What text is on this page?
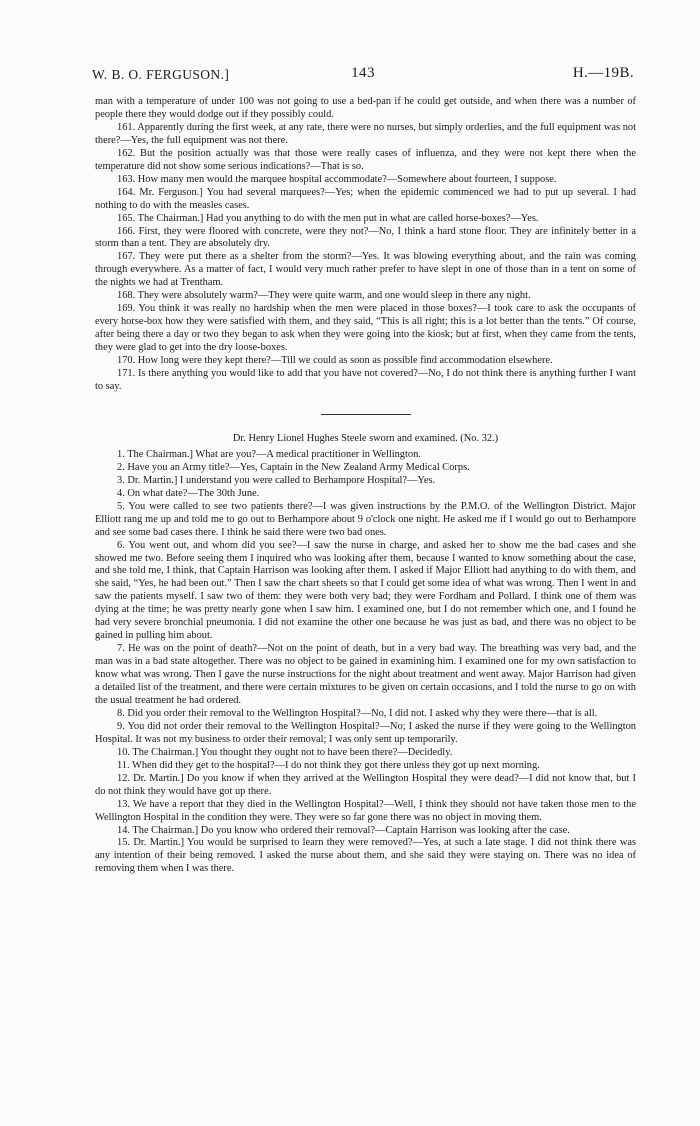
W. B. O. FERGUSON.]	143	H.—19B.

man with a temperature of under 100 was not going to use a bed-pan if he could get outside, and when there was a number of people there they would dodge out if they possibly could.

161. Apparently during the first week, at any rate, there were no nurses, but simply orderlies, and the full equipment was not there?—Yes, the full equipment was not there.

162. But the position actually was that those were really cases of influenza, and they were not kept there when the temperature did not show some serious indications?—That is so.

163. How many men would the marquee hospital accommodate?—Somewhere about fourteen, I suppose.

164. Mr. Ferguson.] You had several marquees?—Yes; when the epidemic commenced we had to put up several. I had nothing to do with the measles cases.

165. The Chairman.] Had you anything to do with the men put in what are called horse-boxes?—Yes.

166. First, they were floored with concrete, were they not?—No, I think a hard stone floor. They are infinitely better in a storm than a tent. They are absolutely dry.

167. They were put there as a shelter from the storm?—Yes. It was blowing everything about, and the rain was coming through everywhere. As a matter of fact, I would very much rather prefer to have slept in one of those than in a tent on some of the nights we had at Trentham.

168. They were absolutely warm?—They were quite warm, and one would sleep in there any night.

169. You think it was really no hardship when the men were placed in those boxes?—I took care to ask the occupants of every horse-box how they were satisfied with them, and they said, “This is all right; this is a lot better than the tents.” Of course, after being there a day or two they began to ask when they were going into the kiosk; but at first, when they came from the tents, they were glad to get into the dry loose-boxes.

170. How long were they kept there?—Till we could as soon as possible find accommodation elsewhere.

171. Is there anything you would like to add that you have not covered?—No, I do not think there is anything further I want to say.

Dr. Henry Lionel Hughes Steele sworn and examined. (No. 32.)

1. The Chairman.] What are you?—A medical practitioner in Wellington.

2. Have you an Army title?—Yes, Captain in the New Zealand Army Medical Corps.

3. Dr. Martin.] I understand you were called to Berhampore Hospital?—Yes.

4. On what date?—The 30th June.

5. You were called to see two patients there?—I was given instructions by the P.M.O. of the Wellington District. Major Elliott rang me up and told me to go out to Berhampore about 9 o'clock one night. He asked me if I would go out to Berhampore and see some bad cases there. I think he said there were two bad ones.

6. You went out, and whom did you see?—I saw the nurse in charge, and asked her to show me the bad cases and she showed me two. Before seeing them I inquired who was looking after them, because I wanted to know something about the case, and she told me, I think, that Captain Harrison was looking after them. I asked if Major Elliott had anything to do with them, and she said, “Yes, he had been out.” Then I saw the chart sheets so that I could get some idea of what was wrong. Then I went in and saw the patients myself. I saw two of them: they were both very bad; they were Fordham and Pollard. I think one of them was dying at the time; he was pretty nearly gone when I saw him. I examined one, but I do not remember which one, and I found he had very severe bronchial pneumonia. I did not examine the other one because he was just as bad, and there was no object to be gained in pulling him about.

7. He was on the point of death?—Not on the point of death, but in a very bad way. The breathing was very bad, and the man was in a bad state altogether. There was no object to be gained in examining him. I examined one for my own satisfaction to know what was wrong. Then I gave the nurse instructions for the night about treatment and went away. Major Harrison had given a detailed list of the treatment, and there were certain mixtures to be given on certain occasions, and I told the nurse to go on with the usual treatment he had ordered.

8. Did you order their removal to the Wellington Hospital?—No, I did not. I asked why they were there—that is all.

9. You did not order their removal to the Wellington Hospital?—No; I asked the nurse if they were going to the Wellington Hospital. It was not my business to order their removal; I was only sent up temporarily.

10. The Chairman.] You thought they ought not to have been there?—Decidedly.

11. When did they get to the hospital?—I do not think they got there unless they got up next morning.

12. Dr. Martin.] Do you know if when they arrived at the Wellington Hospital they were dead?—I did not know that, but I do not think they would have got up there.

13. We have a report that they died in the Wellington Hospital?—Well, I think they should not have taken those men to the Wellington Hospital in the condition they were. They were so far gone there was no object in moving them.

14. The Chairman.] Do you know who ordered their removal?—Captain Harrison was looking after the case.

15. Dr. Martin.] You would be surprised to learn they were removed?—Yes, at such a late stage. I did not think there was any intention of their being removed. I asked the nurse about them, and she said they were staying on. There was no idea of removing them when I was there.
